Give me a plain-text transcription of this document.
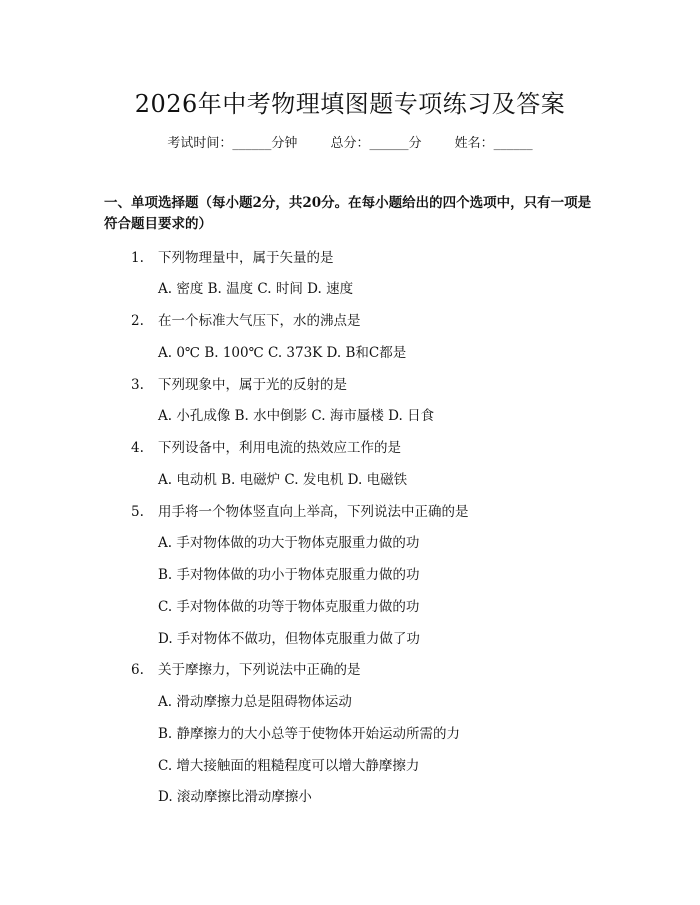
2026年中考物理填图题专项练习及答案
考试时间：______分钟	总分：______分	姓名：______
一、单项选择题（每小题2分，共20分。在每小题给出的四个选项中，只有一项是符合题目要求的）
1. 下列物理量中，属于矢量的是
A. 密度 B. 温度 C. 时间 D. 速度
2. 在一个标准大气压下，水的沸点是
A. 0℃ B. 100℃ C. 373K D. B和C都是
3. 下列现象中，属于光的反射的是
A. 小孔成像 B. 水中倒影 C. 海市蜃楼 D. 日食
4. 下列设备中，利用电流的热效应工作的是
A. 电动机 B. 电磁炉 C. 发电机 D. 电磁铁
5. 用手将一个物体竖直向上举高，下列说法中正确的是
A. 手对物体做的功大于物体克服重力做的功
B. 手对物体做的功小于物体克服重力做的功
C. 手对物体做的功等于物体克服重力做的功
D. 手对物体不做功，但物体克服重力做了功
6. 关于摩擦力，下列说法中正确的是
A. 滑动摩擦力总是阻碍物体运动
B. 静摩擦力的大小总等于使物体开始运动所需的力
C. 增大接触面的粗糙程度可以增大静摩擦力
D. 滚动摩擦比滑动摩擦小
